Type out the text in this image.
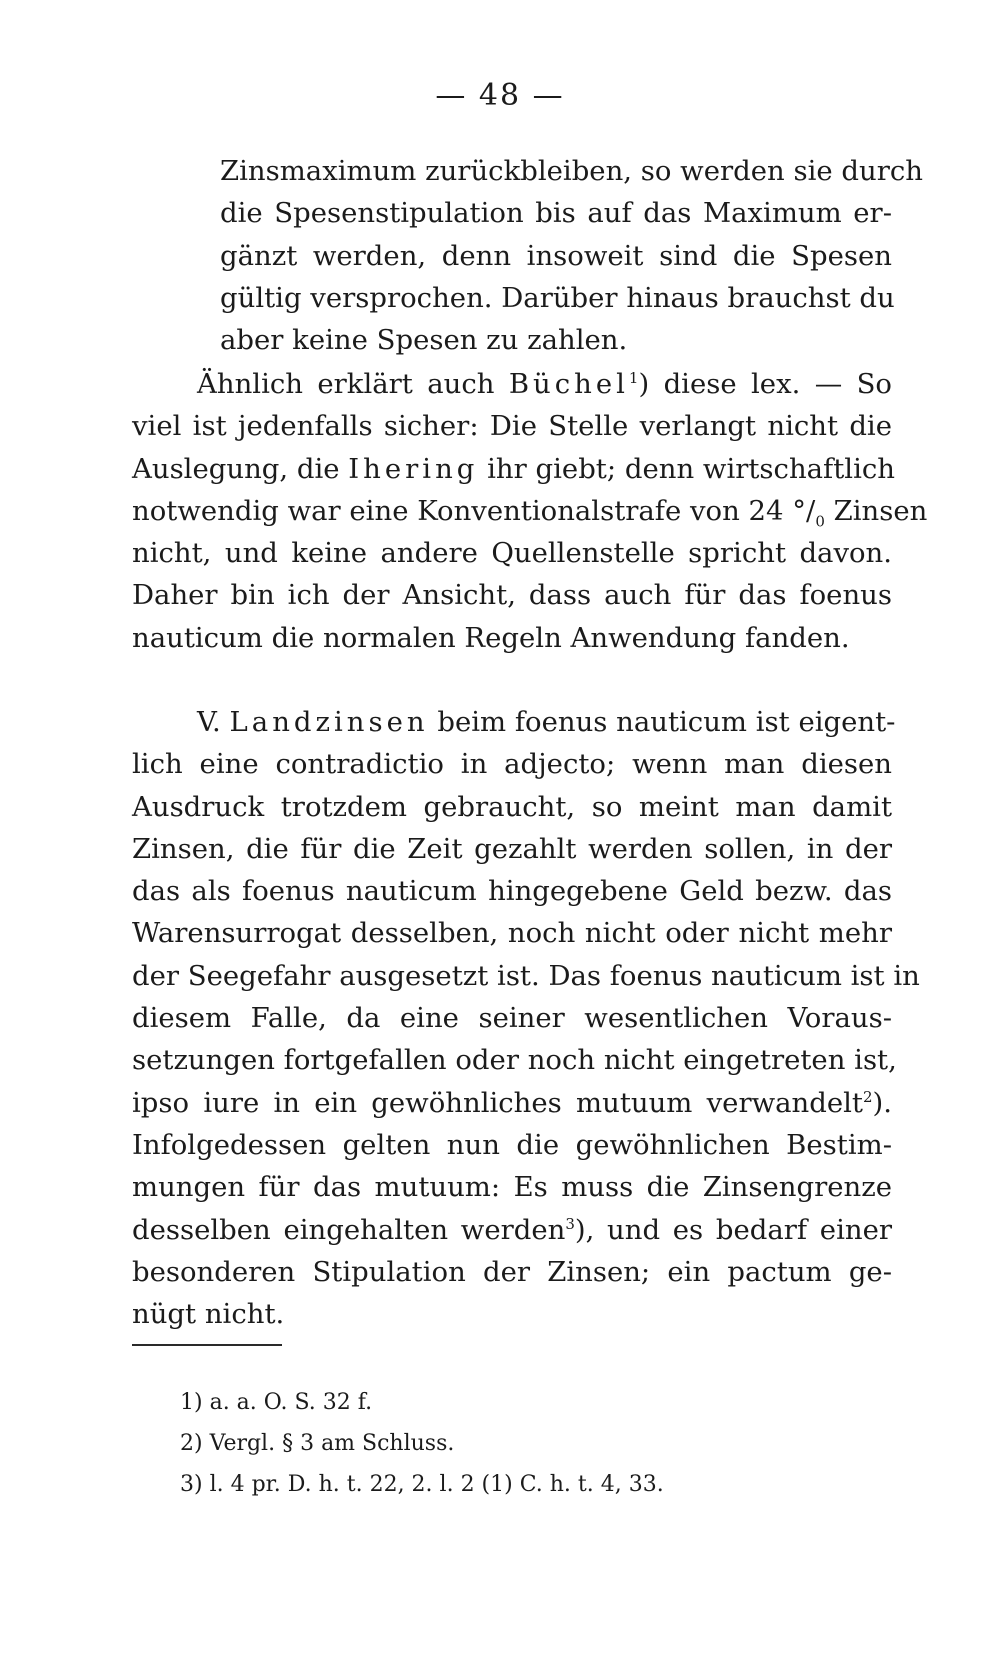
— 48 —

Zinsmaximum zurückbleiben, so werden sie durch
die Spesenstipulation bis auf das Maximum er-
gänzt werden, denn insoweit sind die Spesen
gültig versprochen. Darüber hinaus brauchst du
aber keine Spesen zu zahlen.

Ähnlich erklärt auch Büchel$^1$) diese lex. — So
viel ist jedenfalls sicher: Die Stelle verlangt nicht die
Auslegung, die Ihering ihr giebt; denn wirtschaftlich
notwendig war eine Konventionalstrafe von 24 $^\circ/_0$ Zinsen
nicht, und keine andere Quellenstelle spricht davon.
Daher bin ich der Ansicht, dass auch für das foenus
nauticum die normalen Regeln Anwendung fanden.

V. Landzinsen beim foenus nauticum ist eigent-
lich eine contradictio in adjecto; wenn man diesen
Ausdruck trotzdem gebraucht, so meint man damit
Zinsen, die für die Zeit gezahlt werden sollen, in der
das als foenus nauticum hingegebene Geld bezw. das
Warensurrogat desselben, noch nicht oder nicht mehr
der Seegefahr ausgesetzt ist. Das foenus nauticum ist in
diesem Falle, da eine seiner wesentlichen Voraus-
setzungen fortgefallen oder noch nicht eingetreten ist,
ipso iure in ein gewöhnliches mutuum verwandelt$^2$).
Infolgedessen gelten nun die gewöhnlichen Bestim-
mungen für das mutuum: Es muss die Zinsengrenze
desselben eingehalten werden$^3$), und es bedarf einer
besonderen Stipulation der Zinsen; ein pactum ge-
nügt nicht.

1) a. a. O. S. 32 f.
2) Vergl. § 3 am Schluss.
3) l. 4 pr. D. h. t. 22, 2. l. 2 (1) C. h. t. 4, 33.
